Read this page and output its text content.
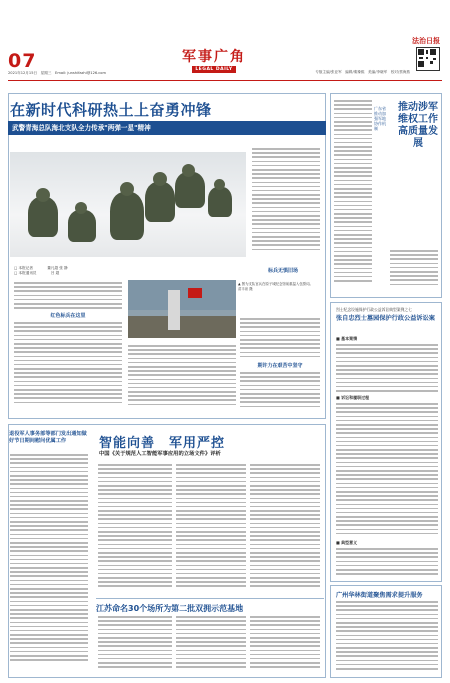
07
2021年12月15日　星期三　 Email: junshifazhi@126.com
军事广角
LEGAL DAILY
法治日报
专版主编/张亚军　编辑/秦豫熙　美编/李晓军　校对/蔡海燕
在新时代科研热土上奋勇冲锋
武警青海总队海北支队全力传承"两弹一星"精神
□ 本报记者　　　　董凡超 张 静
□ 本报通讯员　　　　吕 超
红色标兵在这里
▲ 图为支队官兵在原子城纪念馆前重温入伍誓词。
苗丰泉 摄
标兵无惧旧场
期许力在艰苦中坚守
退役军人事务部等部门发出通知做好节日期间慰问优属工作	智能向善　军用严控
中国《关于规范人工智能军事应用的立场文件》评析
江苏命名30个场所为第二批双拥示范基地
推动涉军维权工作高质量发展
广东省推动加强军地协作机制
烈士纪念设施保护行政公益诉讼典型案例之七
张自忠烈士墓园保护行政公益诉讼案
■ 基本案情
■ 诉讼和履职过程
■ 典型意义
广州华林街道聚焦需求提升服务
